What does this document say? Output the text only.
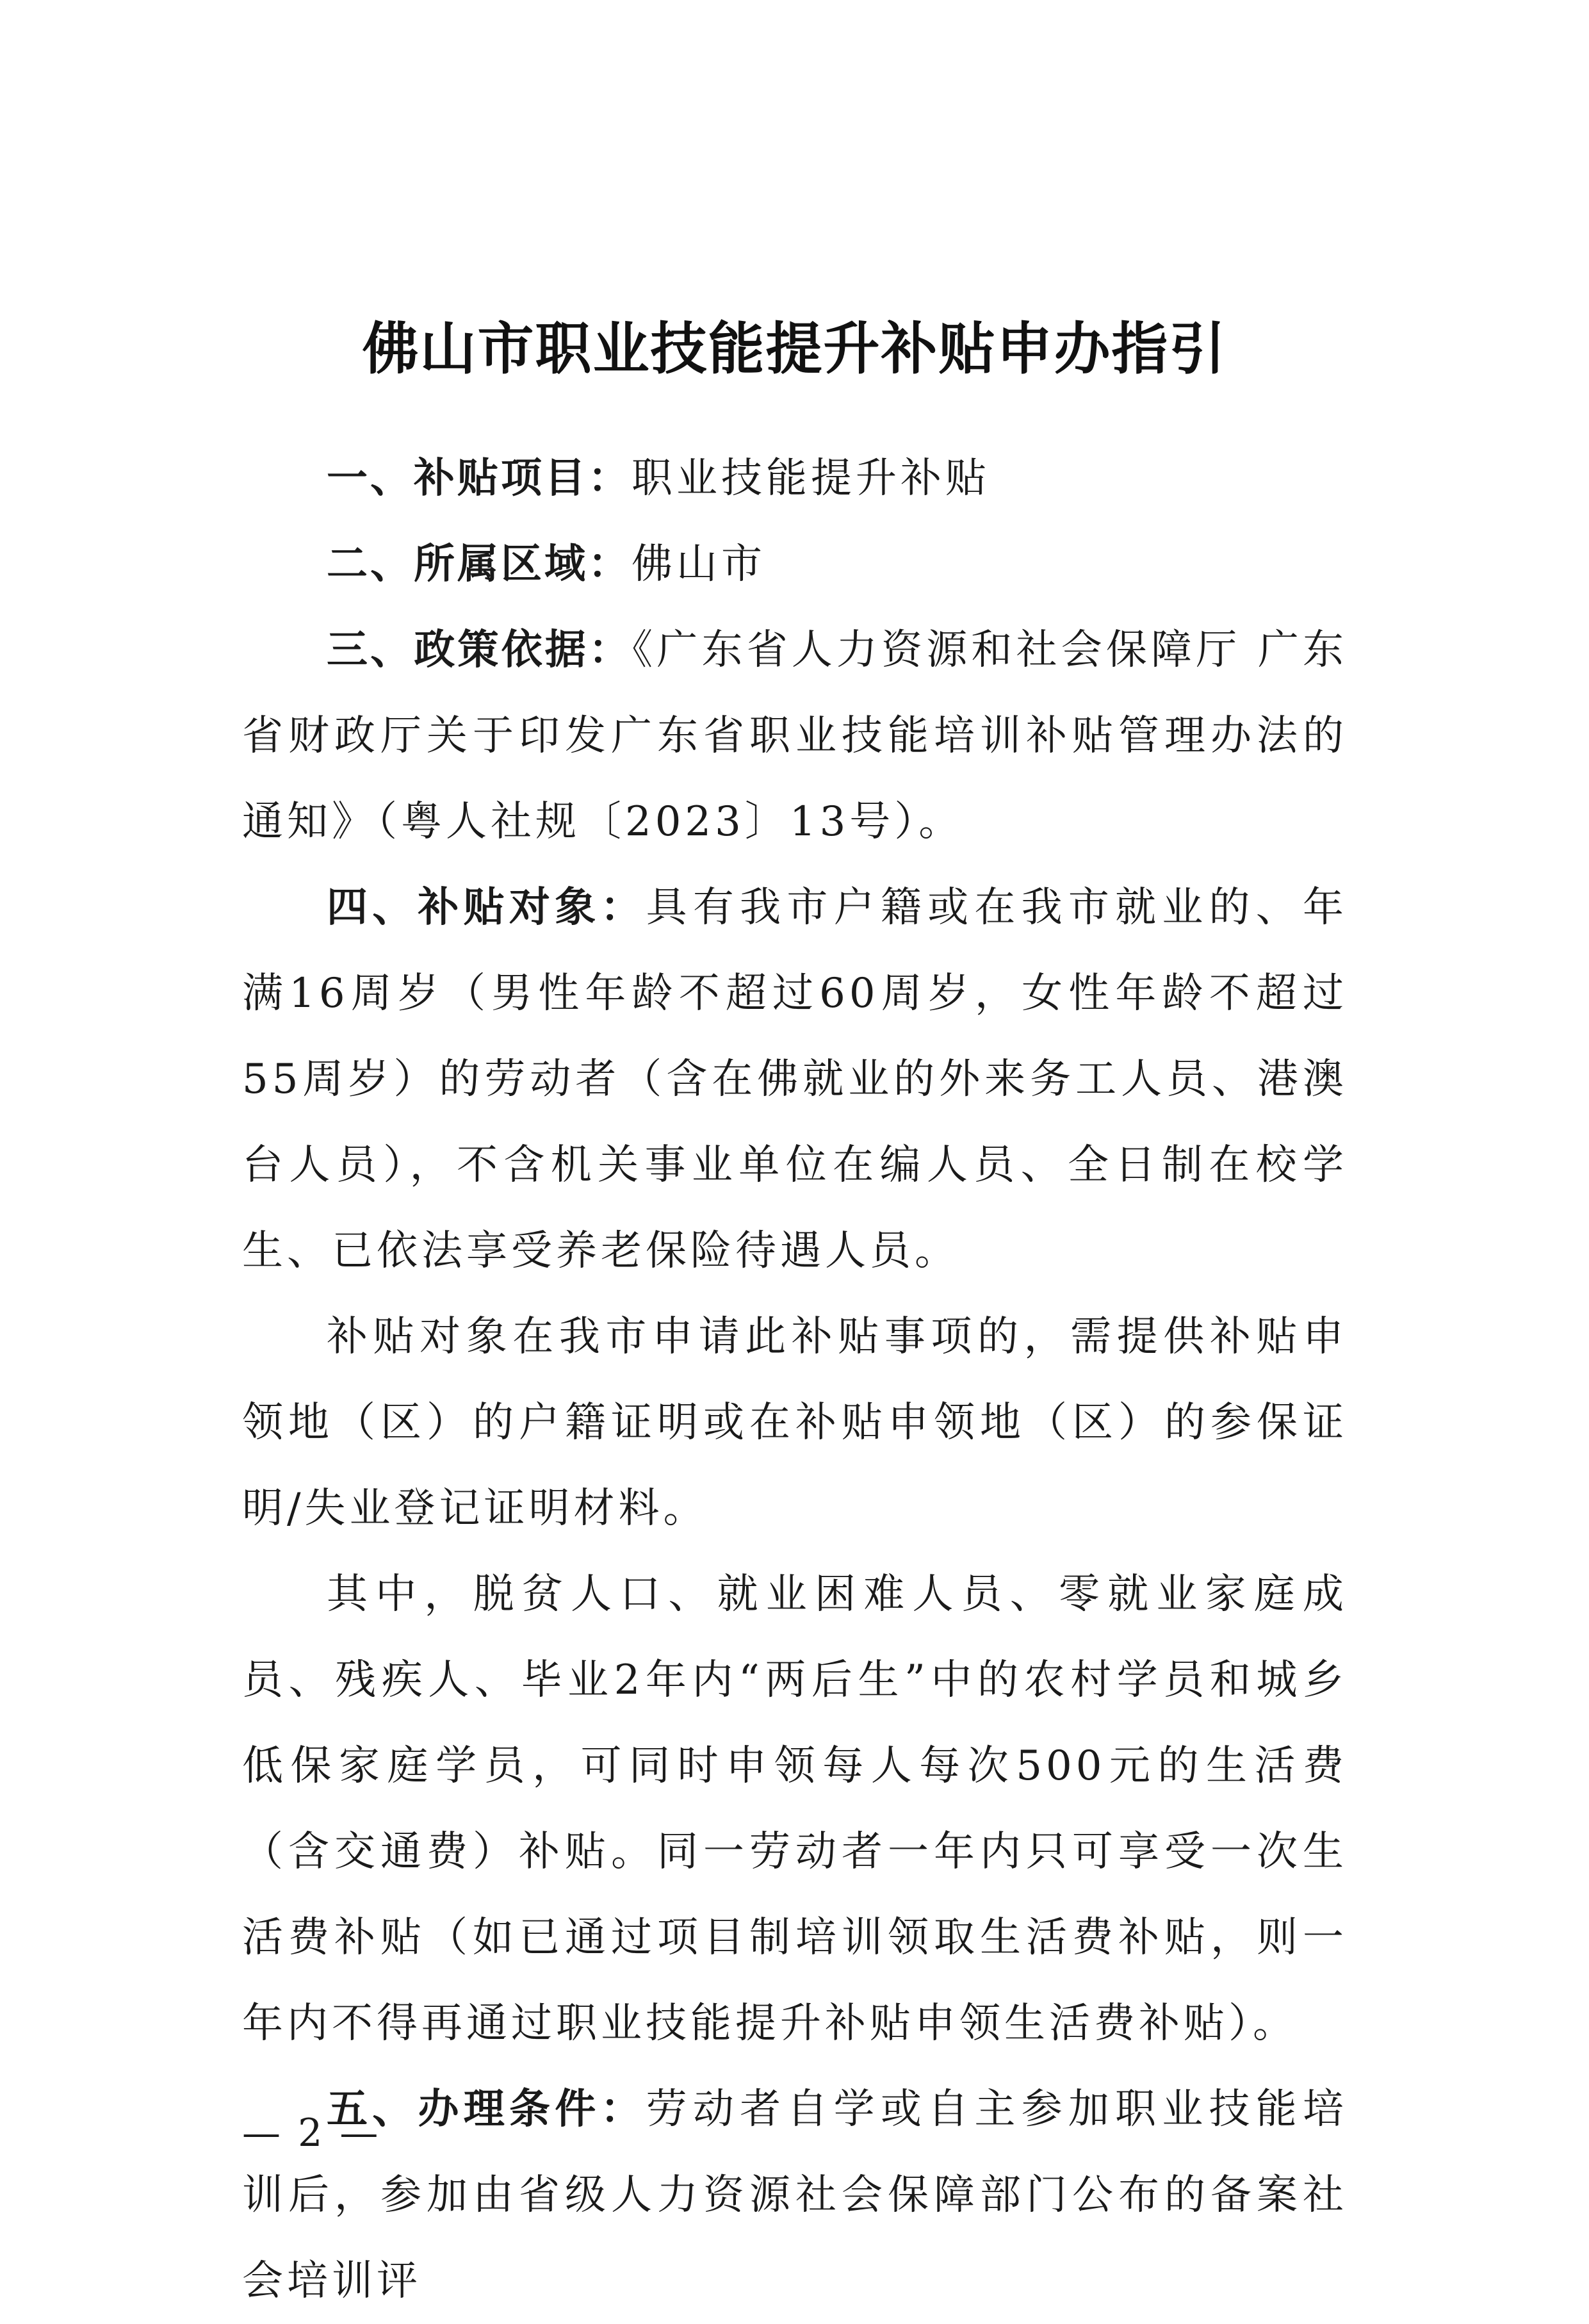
佛山市职业技能提升补贴申办指引

一、补贴项目：职业技能提升补贴

二、所属区域：佛山市

三、政策依据：《广东省人力资源和社会保障厅 广东省财政厅关于印发广东省职业技能培训补贴管理办法的通知》（粤人社规〔2023〕13号）。

四、补贴对象：具有我市户籍或在我市就业的、年满16周岁（男性年龄不超过60周岁，女性年龄不超过55周岁）的劳动者（含在佛就业的外来务工人员、港澳台人员），不含机关事业单位在编人员、全日制在校学生、已依法享受养老保险待遇人员。

补贴对象在我市申请此补贴事项的，需提供补贴申领地（区）的户籍证明或在补贴申领地（区）的参保证明/失业登记证明材料。

其中，脱贫人口、就业困难人员、零就业家庭成员、残疾人、毕业2年内“两后生”中的农村学员和城乡低保家庭学员，可同时申领每人每次500元的生活费（含交通费）补贴。同一劳动者一年内只可享受一次生活费补贴（如已通过项目制培训领取生活费补贴，则一年内不得再通过职业技能提升补贴申领生活费补贴）。

五、办理条件：劳动者自学或自主参加职业技能培训后，参加由省级人力资源社会保障部门公布的备案社会培训评

— 2 —
